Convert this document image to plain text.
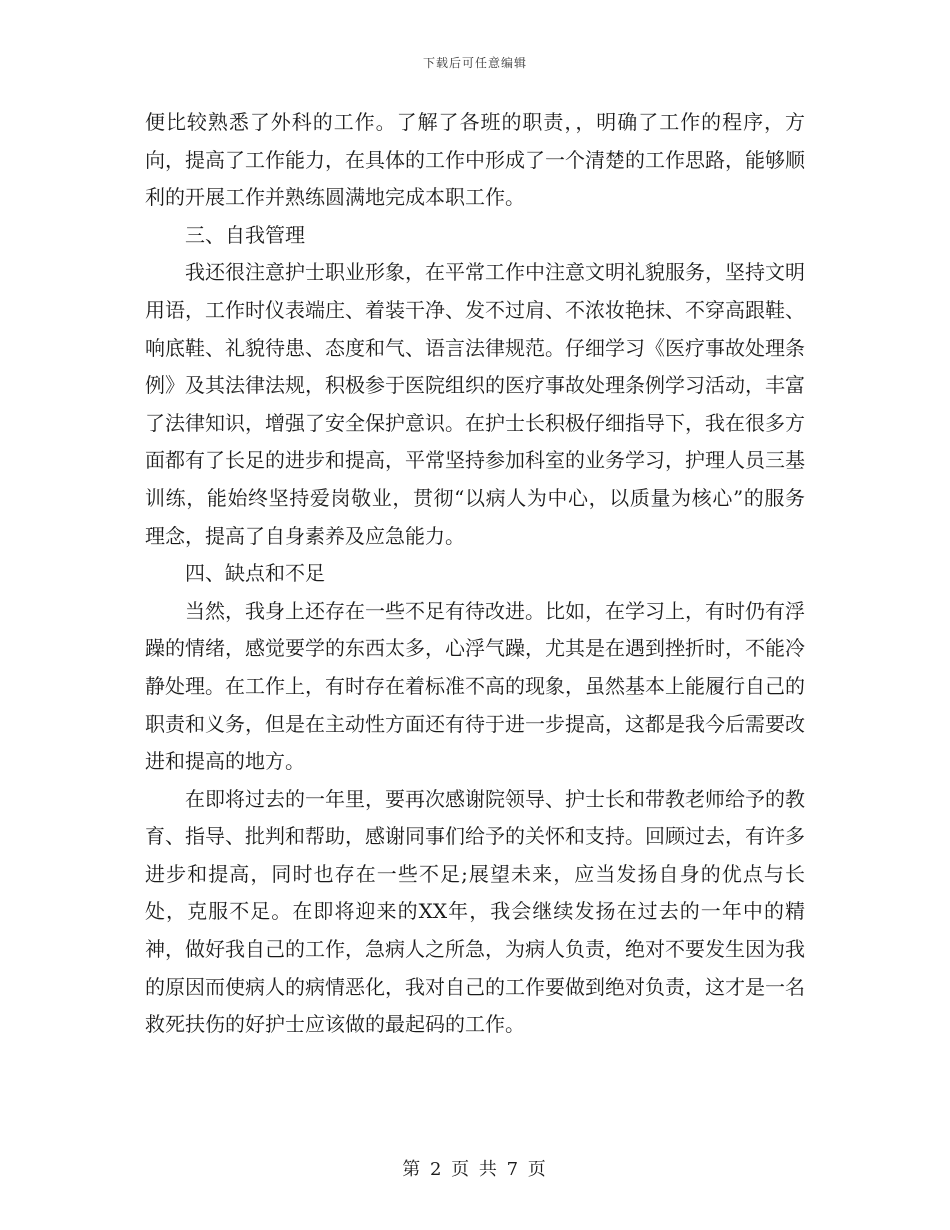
下载后可任意编辑

便比较熟悉了外科的工作。了解了各班的职责，，明确了工作的程序，方向，提高了工作能力，在具体的工作中形成了一个清楚的工作思路，能够顺利的开展工作并熟练圆满地完成本职工作。

三、自我管理

我还很注意护士职业形象，在平常工作中注意文明礼貌服务，坚持文明用语，工作时仪表端庄、着装干净、发不过肩、不浓妆艳抹、不穿高跟鞋、响底鞋、礼貌待患、态度和气、语言法律规范。仔细学习《医疗事故处理条例》及其法律法规，积极参于医院组织的医疗事故处理条例学习活动，丰富了法律知识，增强了安全保护意识。在护士长积极仔细指导下，我在很多方面都有了长足的进步和提高，平常坚持参加科室的业务学习，护理人员三基训练，能始终坚持爱岗敬业，贯彻“以病人为中心，以质量为核心”的服务理念，提高了自身素养及应急能力。

四、缺点和不足

当然，我身上还存在一些不足有待改进。比如，在学习上，有时仍有浮躁的情绪，感觉要学的东西太多，心浮气躁，尤其是在遇到挫折时，不能冷静处理。在工作上，有时存在着标准不高的现象，虽然基本上能履行自己的职责和义务，但是在主动性方面还有待于进一步提高，这都是我今后需要改进和提高的地方。

在即将过去的一年里，要再次感谢院领导、护士长和带教老师给予的教育、指导、批判和帮助，感谢同事们给予的关怀和支持。回顾过去，有许多进步和提高，同时也存在一些不足;展望未来，应当发扬自身的优点与长处，克服不足。在即将迎来的XX年，我会继续发扬在过去的一年中的精神，做好我自己的工作，急病人之所急，为病人负责，绝对不要发生因为我的原因而使病人的病情恶化，我对自己的工作要做到绝对负责，这才是一名救死扶伤的好护士应该做的最起码的工作。

第 2 页 共 7 页
